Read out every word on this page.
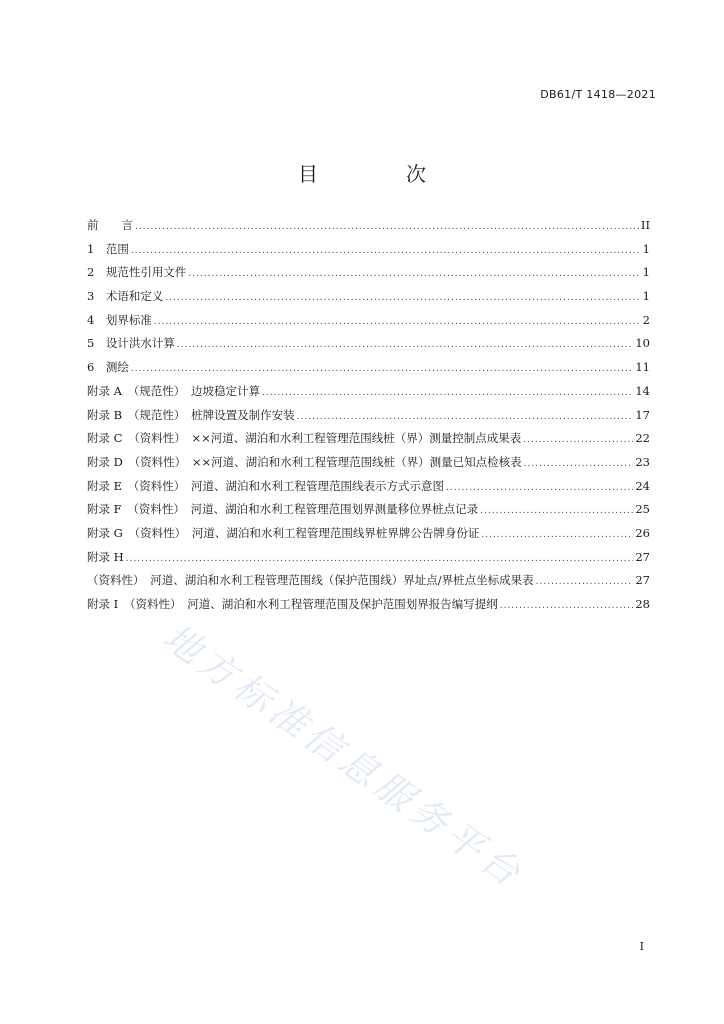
DB61/T 1418—2021
目　次
前　　言 .....	II
1　范围 .....	1
2　规范性引用文件 .....	1
3　术语和定义 .....	1
4　划界标准 .....	2
5　设计洪水计算 .....	10
6　测绘 .....	11
附录 A　（规范性）　边坡稳定计算 .....	14
附录 B　（规范性）　桩牌设置及制作安装 .....	17
附录 C　（资料性）　××河道、湖泊和水利工程管理范围线桩（界）测量控制点成果表 .....	22
附录 D　（资料性）　××河道、湖泊和水利工程管理范围线桩（界）测量已知点检核表 .....	23
附录 E　（资料性）　河道、湖泊和水利工程管理范围线表示方式示意图 .....	24
附录 F　（资料性）　河道、湖泊和水利工程管理范围划界测量移位界桩点记录 .....	25
附录 G　（资料性）　河道、湖泊和水利工程管理范围线界桩界牌公告牌身份证 .....	26
附录 H .....	27
（资料性）　河道、湖泊和水利工程管理范围线（保护范围线）界址点/界桩点坐标成果表 .....	27
附录 I　（资料性）　河道、湖泊和水利工程管理范围及保护范围划界报告编写提纲 .....	28
地方标准信息服务平台
I
